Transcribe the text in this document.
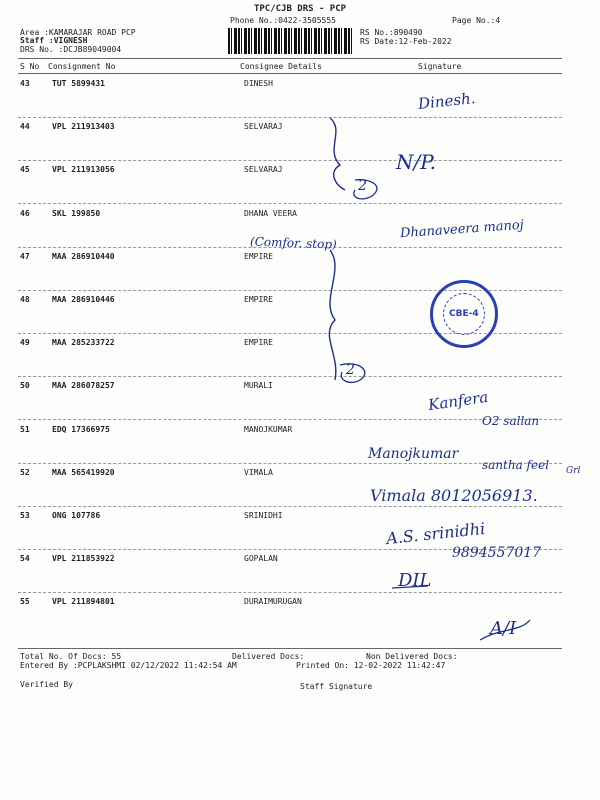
TPC/CJB DRS - PCP
Phone No.:0422-3505555	Page No.:4
Area :KAMARAJAR ROAD PCP
Staff :VIGNESH
DRS No. :DCJB89049004
RS No.:890490
RS Date:12-Feb-2022
S No Consignment No	Consignee Details	Signature
43	TUT 5899431	DINESH
44	VPL 211913403	SELVARAJ
45	VPL 211913056	SELVARAJ
46	SKL 199850	DHANA VEERA
47	MAA 286910440	EMPIRE
48	MAA 286910446	EMPIRE
49	MAA 285233722	EMPIRE
50	MAA 286078257	MURALI
51	EDQ 17366975	MANOJKUMAR
52	MAA 565419920	VIMALA
53	ONG 107786	SRINIDHI
54	VPL 211853922	GOPALAN
55	VPL 211894801	DURAIMURUGAN
Dinesh.
N/P.
Dhanaveera manoj
(Comfor. stop)
2
2
Kanfera
O2 sallan
Manojkumar
santha feel Grl
Vimala 8012056913.
A.S. srinidhi
9894557017
DIL
A/I
CBE-4
Total No. Of Docs: 55	Delivered Docs:	Non Delivered Docs:
Entered By :PCPLAKSHMI 02/12/2022 11:42:54 AM	Printed On: 12-02-2022 11:42:47
Verified By	Staff Signature
